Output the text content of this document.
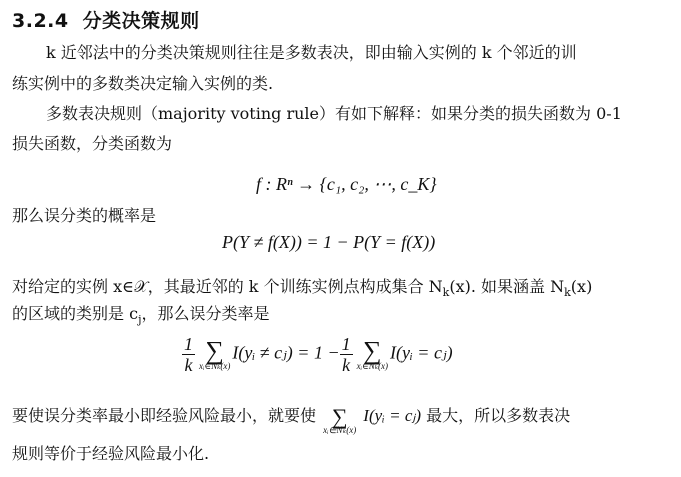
3.2.4 分类决策规则
k 近邻法中的分类决策规则往往是多数表决，即由输入实例的 k 个邻近的训
练实例中的多数类决定输入实例的类.
多数表决规则（majority voting rule）有如下解释：如果分类的损失函数为 0-1
损失函数，分类函数为
f : Rⁿ → {c₁, c₂, ⋯, c_K}
那么误分类的概率是
P(Y ≠ f(X)) = 1 − P(Y = f(X))
对给定的实例 x∈𝒳，其最近邻的 k 个训练实例点构成集合 $N_k(x)$. 如果涵盖 $N_k(x)$
的区域的类别是 $c_j$，那么误分类率是
$\frac{1}{k}$ ∑
xᵢ∈Nₖ(x)
I(yᵢ ≠ cⱼ) = $1 - \frac{1}{k}$ ∑
xᵢ∈Nₖ(x)
I(yᵢ = cⱼ)
要使误分类率最小即经验风险最小，就要使 ∑
xᵢ∈Nₖ(x)
I(yᵢ = cⱼ) 最大，所以多数表决
规则等价于经验风险最小化.
